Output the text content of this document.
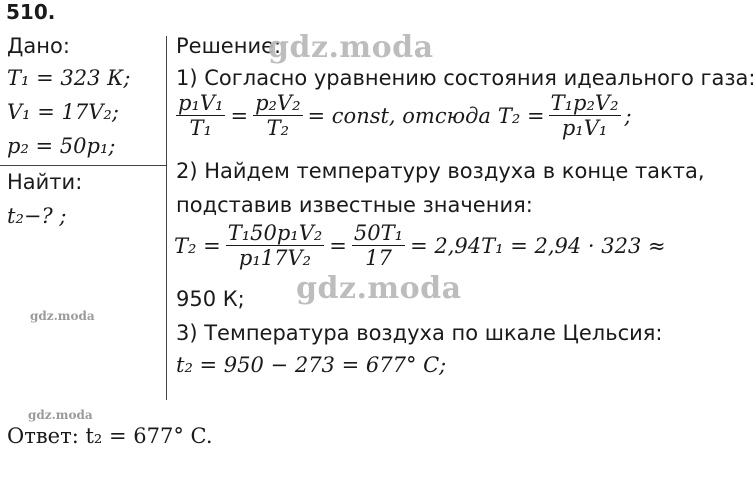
510.
Дано:
T₁ = 323 К;
V₁ = 17V₂;
p₂ = 50p₁;
Найти:
t₂−? ;
Решение:
1) Согласно уравнению состояния идеального газа:
$\frac{\text{p₁V₁}}{\text{T₁}} = \frac{\text{p₂V₂}}{\text{T₂}}$ = const, отсюда $T_2 = \frac{\text{T₁p₂V₂}}{\text{p₁V₁}}$ ;
2) Найдем температуру воздуха в конце такта,
подставив известные значения:
$T_2 = \frac{\text{T₁50p₁V₂}}{\text{p₁17V₂}} = \frac{\text{50T₁}}{17} = 2,94T_1 = 2,94 \cdot 323$ ≈
950 К;
3) Температура воздуха по шкале Цельсия:
t₂ = 950 − 273 = 677° C;
Ответ: t₂ = 677° C.
gdz.moda
gdz.moda
gdz.moda
gdz.moda
